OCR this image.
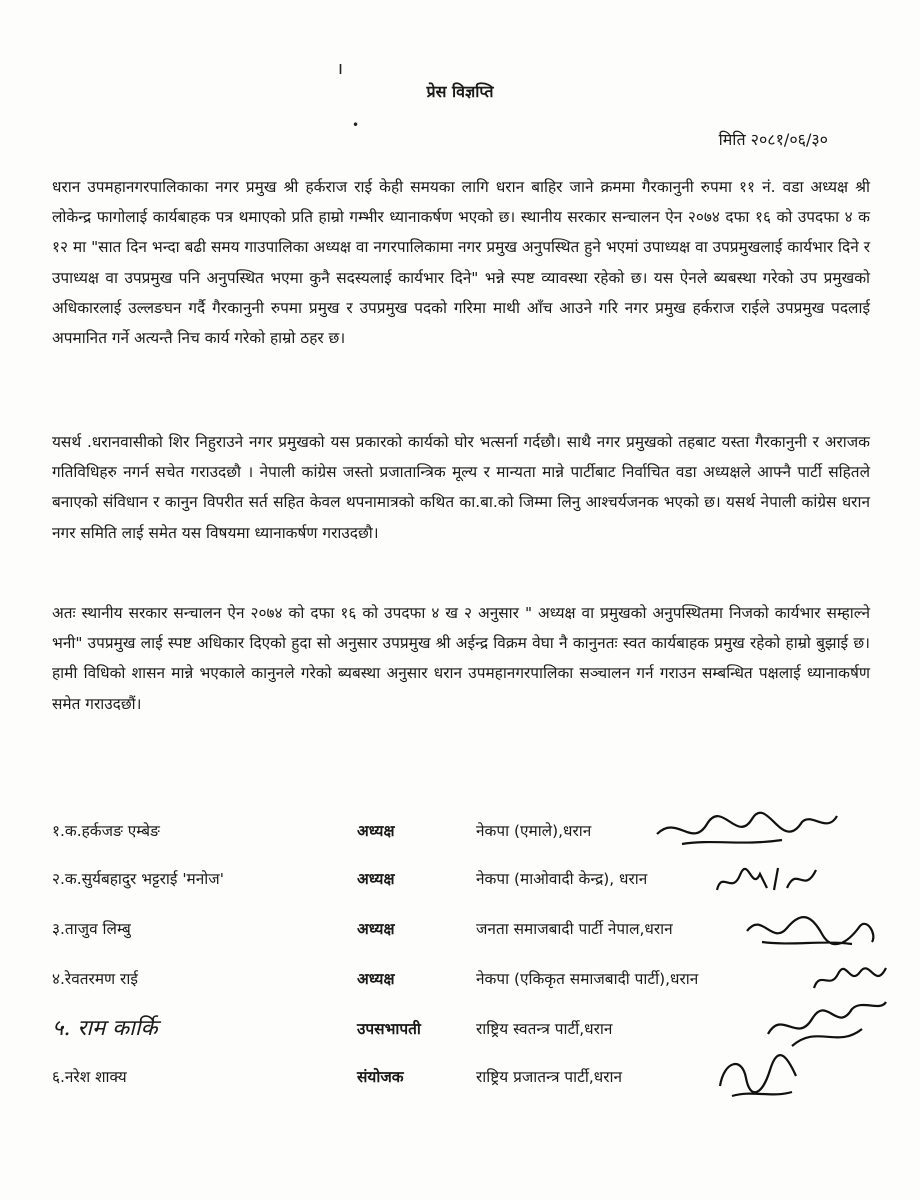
ı
•
प्रेस विज्ञप्ति
मिति २०८१/०६/३०

धरान उपमहानगरपालिकाका नगर प्रमुख श्री हर्कराज राई केही समयका लागि धरान बाहिर जाने क्रममा गैरकानुनी रुपमा ११ नं. वडा अध्यक्ष श्री लोकेन्द्र फागोलाई कार्यबाहक पत्र थमाएको प्रति हाम्रो गम्भीर ध्यानाकर्षण भएको छ। स्थानीय सरकार सन्चालन ऐन २०७४ दफा १६ को उपदफा ४ क १२ मा "सात दिन भन्दा बढी समय गाउपालिका अध्यक्ष वा नगरपालिकामा नगर प्रमुख अनुपस्थित हुने भएमां उपाध्यक्ष वा उपप्रमुखलाई कार्यभार दिने र उपाध्यक्ष वा उपप्रमुख पनि अनुपस्थित भएमा कुनै सदस्यलाई कार्यभार दिने" भन्ने स्पष्ट व्यावस्था रहेको छ। यस ऐनले ब्यबस्था गरेको उप प्रमुखको अधिकारलाई उल्लङघन गर्दै गैरकानुनी रुपमा प्रमुख र उपप्रमुख पदको गरिमा माथी आँच आउने गरि नगर प्रमुख हर्कराज राईले उपप्रमुख पदलाई अपमानित गर्ने अत्यन्तै निच कार्य गरेको हाम्रो ठहर छ।

यसर्थ .धरानवासीको शिर निहुराउने नगर प्रमुखको यस प्रकारको कार्यको घोर भत्सर्ना गर्दछौ। साथै नगर प्रमुखको तहबाट यस्ता गैरकानुनी र अराजक गतिविधिहरु नगर्न सचेत गराउदछौ । नेपाली कांग्रेस जस्तो प्रजातान्त्रिक मूल्य र मान्यता मान्ने पार्टीबाट निर्वाचित वडा अध्यक्षले आफ्नै पार्टी सहितले बनाएको संविधान र कानुन विपरीत सर्त सहित केवल थपनामात्रको कथित का.बा.को जिम्मा लिनु आश्चर्यजनक भएको छ। यसर्थ नेपाली कांग्रेस धरान नगर समिति लाई समेत यस विषयमा ध्यानाकर्षण गराउदछौ।

अतः स्थानीय सरकार सन्चालन ऐन २०७४ को दफा १६ को उपदफा ४ ख २ अनुसार " अध्यक्ष वा प्रमुखको अनुपस्थितमा निजको कार्यभार सम्हाल्ने भनी" उपप्रमुख लाई स्पष्ट अधिकार दिएको हुदा सो अनुसार उपप्रमुख श्री अईन्द्र विक्रम वेघा नै कानुनतः स्वत कार्यबाहक प्रमुख रहेको हाम्रो बुझाई छ। हामी विधिको शासन मान्ने भएकाले कानुनले गरेको ब्यबस्था अनुसार धरान उपमहानगरपालिका सञ्चालन गर्न गराउन सम्बन्धित पक्षलाई ध्यानाकर्षण समेत गराउदछौं।

१.क.हर्कजङ एम्बेङ	अध्यक्ष	नेकपा (एमाले),धरान
२.क.सुर्यबहादुर भट्टराई 'मनोज'	अध्यक्ष	नेकपा (माओवादी केन्द्र), धरान
३.ताजुव लिम्बु	अध्यक्ष	जनता समाजबादी पार्टी नेपाल,धरान
४.रेवतरमण राई	अध्यक्ष	नेकपा (एकिकृत समाजबादी पार्टी),धरान
५. राम कार्कि	उपसभापती	राष्ट्रिय स्वतन्त्र पार्टी,धरान
६.नरेश शाक्य	संयोजक	राष्ट्रिय प्रजातन्त्र पार्टी,धरान
